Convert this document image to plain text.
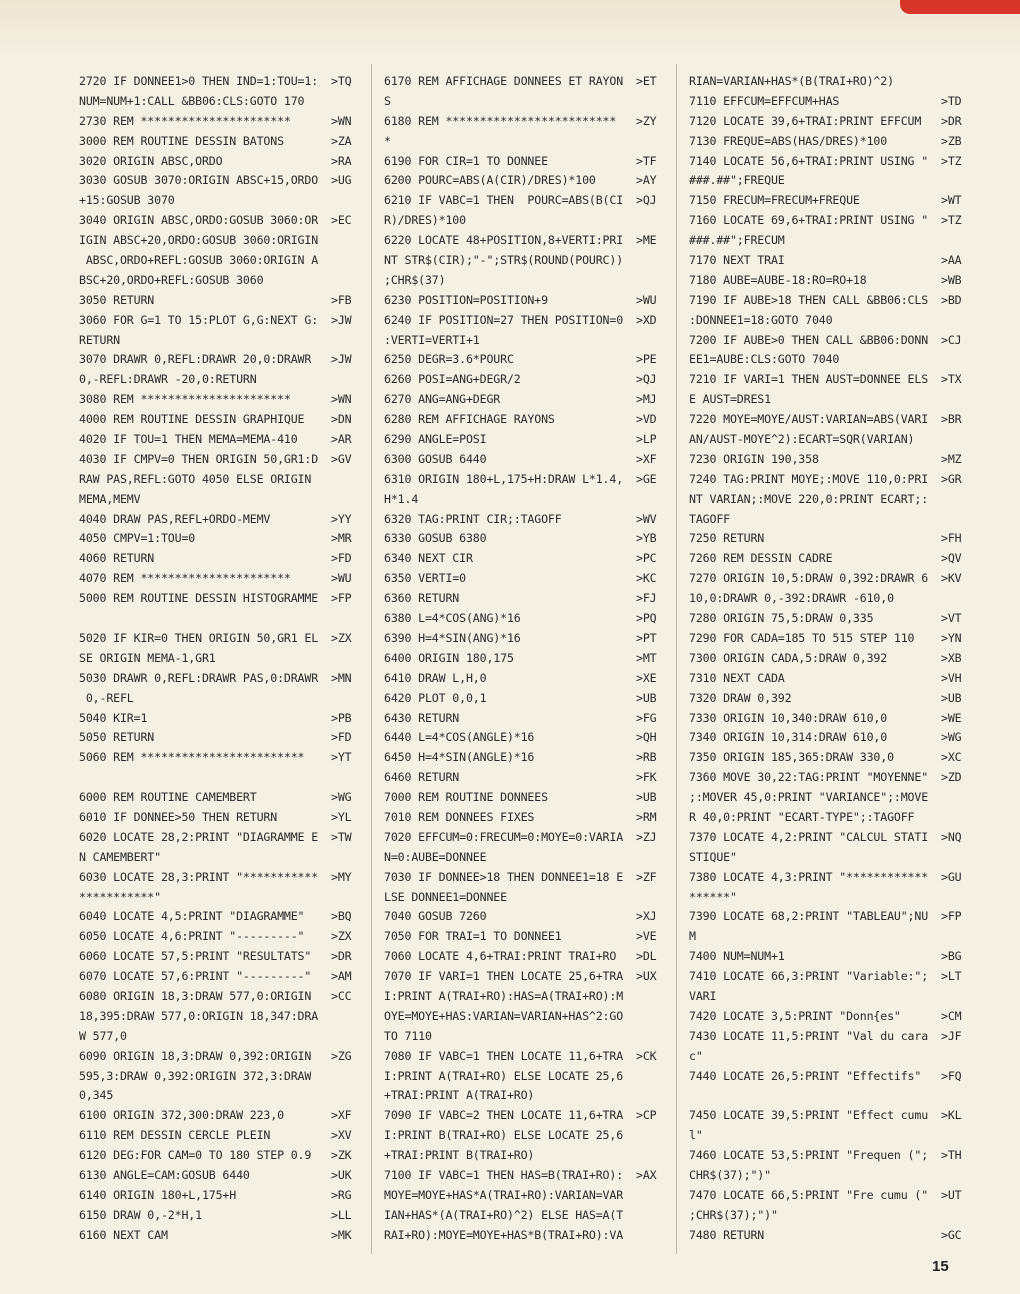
2720 IF DONNEE1>0 THEN IND=1:TOU=1: >TQ
NUM=NUM+1:CALL &BB06:CLS:GOTO 170
2730 REM **********************	>WN
3000 REM ROUTINE DESSIN BATONS	>ZA
3020 ORIGIN ABSC,ORDO	>RA
3030 GOSUB 3070:ORIGIN ABSC+15,ORDO >UG
+15:GOSUB 3070
3040 ORIGIN ABSC,ORDO:GOSUB 3060:OR >EC
IGIN ABSC+20,ORDO:GOSUB 3060:ORIGIN
ABSC,ORDO+REFL:GOSUB 3060:ORIGIN A
BSC+20,ORDO+REFL:GOSUB 3060
3050 RETURN	>FB
3060 FOR G=1 TO 15:PLOT G,G:NEXT G: >JW
RETURN
3070 DRAWR 0,REFL:DRAWR 20,0:DRAWR >JW
0,-REFL:DRAWR -20,0:RETURN
3080 REM **********************	>WN
4000 REM ROUTINE DESSIN GRAPHIQUE >DN
4020 IF TOU=1 THEN MEMA=MEMA-410	>AR
4030 IF CMPV=0 THEN ORIGIN 50,GR1:D >GV
RAW PAS,REFL:GOTO 4050 ELSE ORIGIN
MEMA,MEMV
4040 DRAW PAS,REFL+ORDO-MEMV	>YY
4050 CMPV=1:TOU=0	>MR
4060 RETURN	>FD
4070 REM **********************	>WU
5000 REM ROUTINE DESSIN HISTOGRAMME >FP
5020 IF KIR=0 THEN ORIGIN 50,GR1 EL >ZX
SE ORIGIN MEMA-1,GR1
5030 DRAWR 0,REFL:DRAWR PAS,0:DRAWR >MN
0,-REFL
5040 KIR=1	>PB
5050 RETURN	>FD
5060 REM ************************ >YT
6000 REM ROUTINE CAMEMBERT	>WG
6010 IF DONNEE>50 THEN RETURN	>YL
6020 LOCATE 28,2:PRINT "DIAGRAMME E >TW
N CAMEMBERT"
6030 LOCATE 28,3:PRINT "*********** >MY
***********"
6040 LOCATE 4,5:PRINT "DIAGRAMME" >BQ
6050 LOCATE 4,6:PRINT "---------" >ZX
6060 LOCATE 57,5:PRINT "RESULTATS" >DR
6070 LOCATE 57,6:PRINT "---------" >AM
6080 ORIGIN 18,3:DRAW 577,0:ORIGIN >CC
18,395:DRAW 577,0:ORIGIN 18,347:DRA
W 577,0
6090 ORIGIN 18,3:DRAW 0,392:ORIGIN >ZG
595,3:DRAW 0,392:ORIGIN 372,3:DRAW
0,345
6100 ORIGIN 372,300:DRAW 223,0	>XF
6110 REM DESSIN CERCLE PLEIN	>XV
6120 DEG:FOR CAM=0 TO 180 STEP 0.9 >ZK
6130 ANGLE=CAM:GOSUB 6440	>UK
6140 ORIGIN 180+L,175+H	>RG
6150 DRAW 0,-2*H,1	>LL
6160 NEXT CAM	>MK
6170 REM AFFICHAGE DONNEES ET RAYON >ET
S
6180 REM ************************* >ZY
*
6190 FOR CIR=1 TO DONNEE	>TF
6200 POURC=ABS(A(CIR)/DRES)*100	>AY
6210 IF VABC=1 THEN  POURC=ABS(B(CI >QJ
R)/DRES)*100
6220 LOCATE 48+POSITION,8+VERTI:PRI >ME
NT STR$(CIR);"-";STR$(ROUND(POURC))
;CHR$(37)
6230 POSITION=POSITION+9	>WU
6240 IF POSITION=27 THEN POSITION=0 >XD
:VERTI=VERTI+1
6250 DEGR=3.6*POURC	>PE
6260 POSI=ANG+DEGR/2	>QJ
6270 ANG=ANG+DEGR	>MJ
6280 REM AFFICHAGE RAYONS	>VD
6290 ANGLE=POSI	>LP
6300 GOSUB 6440	>XF
6310 ORIGIN 180+L,175+H:DRAW L*1.4, >GE
H*1.4
6320 TAG:PRINT CIR;:TAGOFF	>WV
6330 GOSUB 6380	>YB
6340 NEXT CIR	>PC
6350 VERTI=0	>KC
6360 RETURN	>FJ
6380 L=4*COS(ANG)*16	>PQ
6390 H=4*SIN(ANG)*16	>PT
6400 ORIGIN 180,175	>MT
6410 DRAW L,H,0	>XE
6420 PLOT 0,0,1	>UB
6430 RETURN	>FG
6440 L=4*COS(ANGLE)*16	>QH
6450 H=4*SIN(ANGLE)*16	>RB
6460 RETURN	>FK
7000 REM ROUTINE DONNEES	>UB
7010 REM DONNEES FIXES	>RM
7020 EFFCUM=0:FRECUM=0:MOYE=0:VARIA >ZJ
N=0:AUBE=DONNEE
7030 IF DONNEE>18 THEN DONNEE1=18 E >ZF
LSE DONNEE1=DONNEE
7040 GOSUB 7260	>XJ
7050 FOR TRAI=1 TO DONNEE1	>VE
7060 LOCATE 4,6+TRAI:PRINT TRAI+RO >DL
7070 IF VARI=1 THEN LOCATE 25,6+TRA >UX
I:PRINT A(TRAI+RO):HAS=A(TRAI+RO):M
OYE=MOYE+HAS:VARIAN=VARIAN+HAS^2:GO
TO 7110
7080 IF VABC=1 THEN LOCATE 11,6+TRA >CK
I:PRINT A(TRAI+RO) ELSE LOCATE 25,6
+TRAI:PRINT A(TRAI+RO)
7090 IF VABC=2 THEN LOCATE 11,6+TRA >CP
I:PRINT B(TRAI+RO) ELSE LOCATE 25,6
+TRAI:PRINT B(TRAI+RO)
7100 IF VABC=1 THEN HAS=B(TRAI+RO): >AX
MOYE=MOYE+HAS*A(TRAI+RO):VARIAN=VAR
IAN+HAS*(A(TRAI+RO)^2) ELSE HAS=A(T
RAI+RO):MOYE=MOYE+HAS*B(TRAI+RO):VA
RIAN=VARIAN+HAS*(B(TRAI+RO)^2)
7110 EFFCUM=EFFCUM+HAS	>TD
7120 LOCATE 39,6+TRAI:PRINT EFFCUM >DR
7130 FREQUE=ABS(HAS/DRES)*100	>ZB
7140 LOCATE 56,6+TRAI:PRINT USING " >TZ
###.##";FREQUE
7150 FRECUM=FRECUM+FREQUE	>WT
7160 LOCATE 69,6+TRAI:PRINT USING " >TZ
###.##";FRECUM
7170 NEXT TRAI	>AA
7180 AUBE=AUBE-18:RO=RO+18	>WB
7190 IF AUBE>18 THEN CALL &BB06:CLS >BD
:DONNEE1=18:GOTO 7040
7200 IF AUBE>0 THEN CALL &BB06:DONN >CJ
EE1=AUBE:CLS:GOTO 7040
7210 IF VARI=1 THEN AUST=DONNEE ELS >TX
E AUST=DRES1
7220 MOYE=MOYE/AUST:VARIAN=ABS(VARI >BR
AN/AUST-MOYE^2):ECART=SQR(VARIAN)
7230 ORIGIN 190,358	>MZ
7240 TAG:PRINT MOYE;:MOVE 110,0:PRI >GR
NT VARIAN;:MOVE 220,0:PRINT ECART;:
TAGOFF
7250 RETURN	>FH
7260 REM DESSIN CADRE	>QV
7270 ORIGIN 10,5:DRAW 0,392:DRAWR 6 >KV
10,0:DRAWR 0,-392:DRAWR -610,0
7280 ORIGIN 75,5:DRAW 0,335	>VT
7290 FOR CADA=185 TO 515 STEP 110 >YN
7300 ORIGIN CADA,5:DRAW 0,392	>XB
7310 NEXT CADA	>VH
7320 DRAW 0,392	>UB
7330 ORIGIN 10,340:DRAW 610,0	>WE
7340 ORIGIN 10,314:DRAW 610,0	>WG
7350 ORIGIN 185,365:DRAW 330,0	>XC
7360 MOVE 30,22:TAG:PRINT "MOYENNE" >ZD
;:MOVER 45,0:PRINT "VARIANCE";:MOVE
R 40,0:PRINT "ECART-TYPE";:TAGOFF
7370 LOCATE 4,2:PRINT "CALCUL STATI >NQ
STIQUE"
7380 LOCATE 4,3:PRINT "************ >GU
******"
7390 LOCATE 68,2:PRINT "TABLEAU";NU >FP
M
7400 NUM=NUM+1	>BG
7410 LOCATE 66,3:PRINT "Variable:"; >LT
VARI
7420 LOCATE 3,5:PRINT "Donn{es"	>CM
7430 LOCATE 11,5:PRINT "Val du cara >JF
c"
7440 LOCATE 26,5:PRINT "Effectifs" >FQ
7450 LOCATE 39,5:PRINT "Effect cumu >KL
l"
7460 LOCATE 53,5:PRINT "Frequen ("; >TH
CHR$(37);")"
7470 LOCATE 66,5:PRINT "Fre cumu (" >UT
;CHR$(37);")"
7480 RETURN	>GC
15
